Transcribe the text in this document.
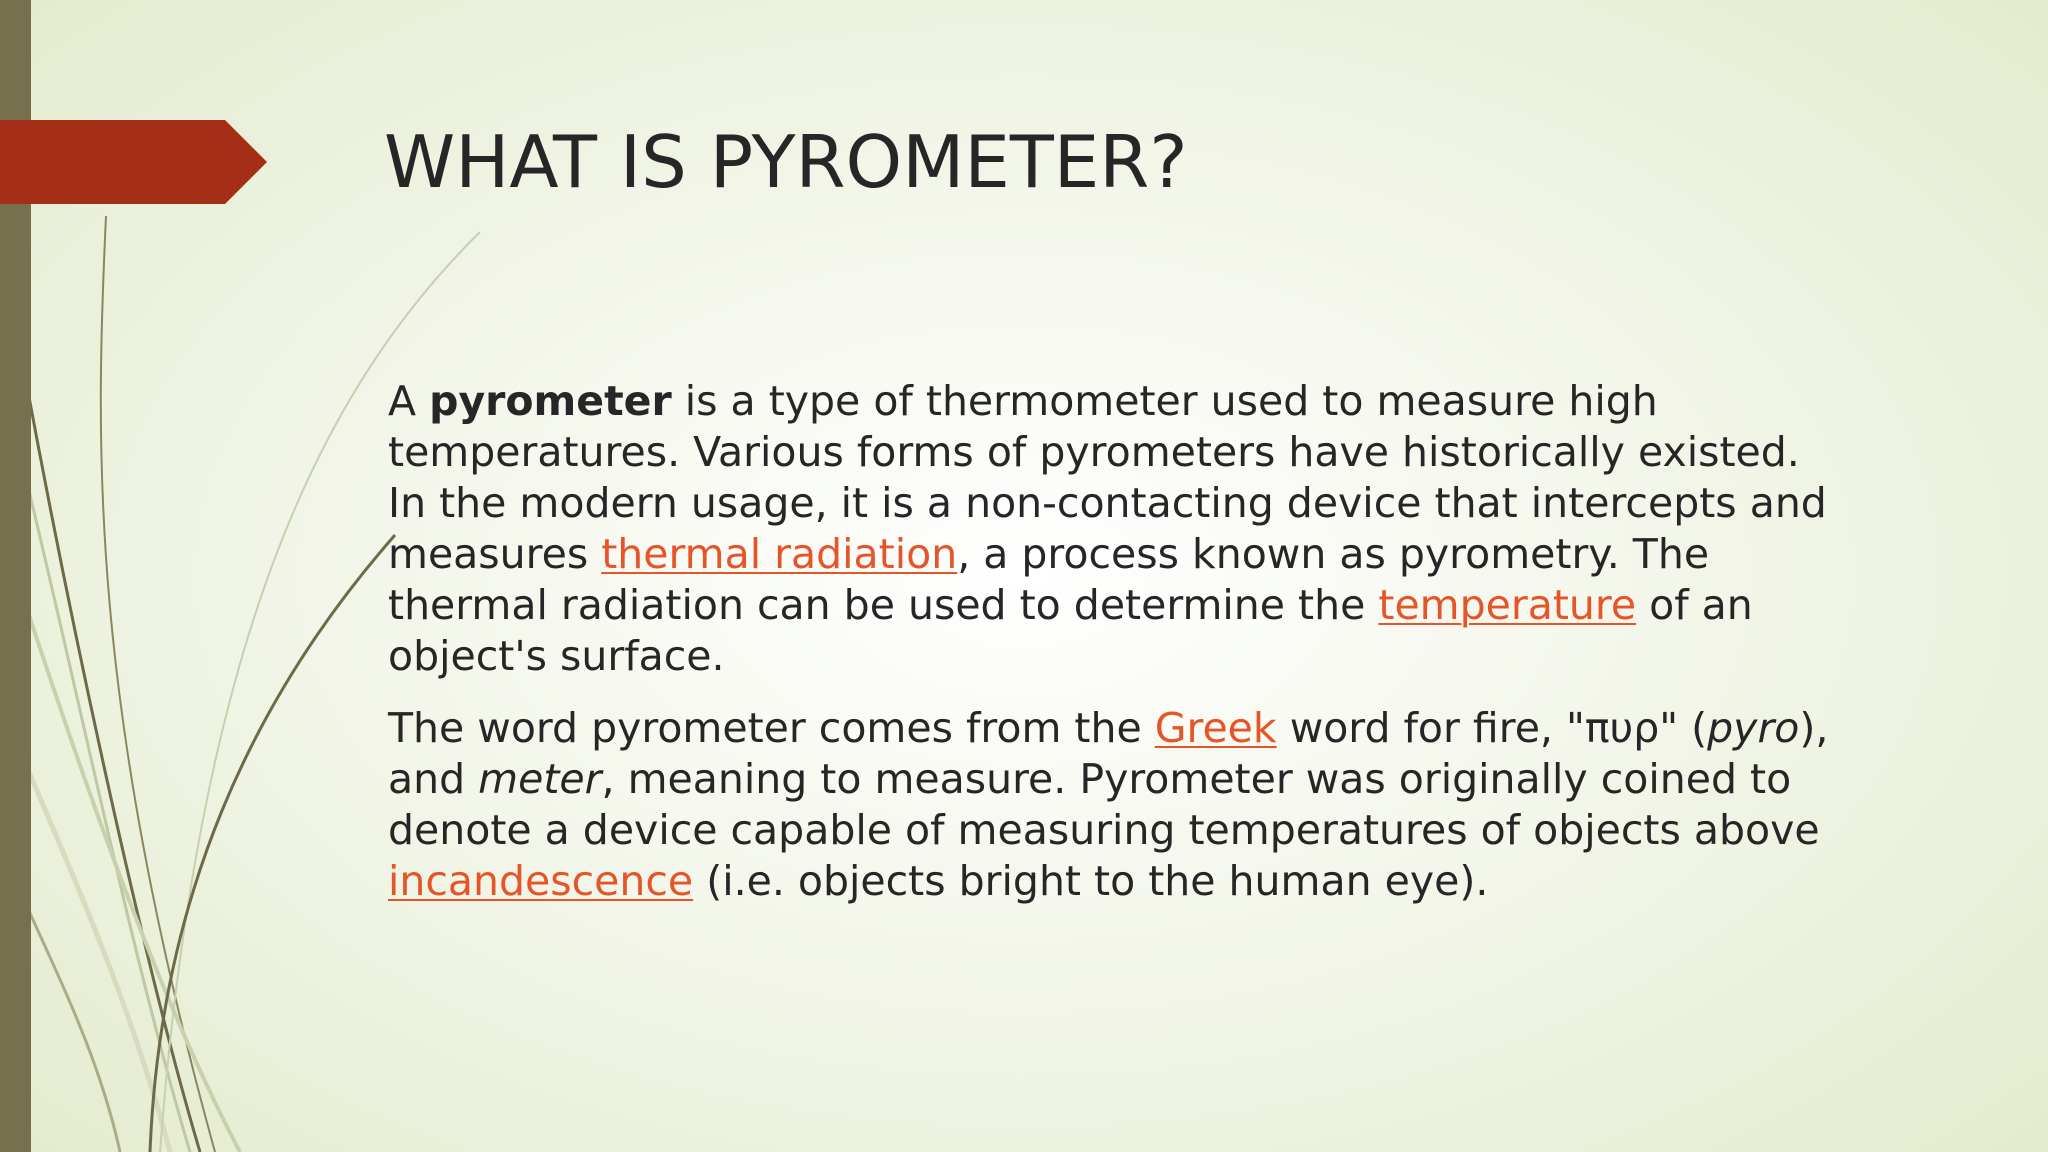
WHAT IS PYROMETER?

A pyrometer is a type of thermometer used to measure high temperatures. Various forms of pyrometers have historically existed. In the modern usage, it is a non-contacting device that intercepts and measures thermal radiation, a process known as pyrometry. The thermal radiation can be used to determine the temperature of an object's surface.

The word pyrometer comes from the Greek word for fire, "πυρ" (pyro), and meter, meaning to measure. Pyrometer was originally coined to denote a device capable of measuring temperatures of objects above incandescence (i.e. objects bright to the human eye).
